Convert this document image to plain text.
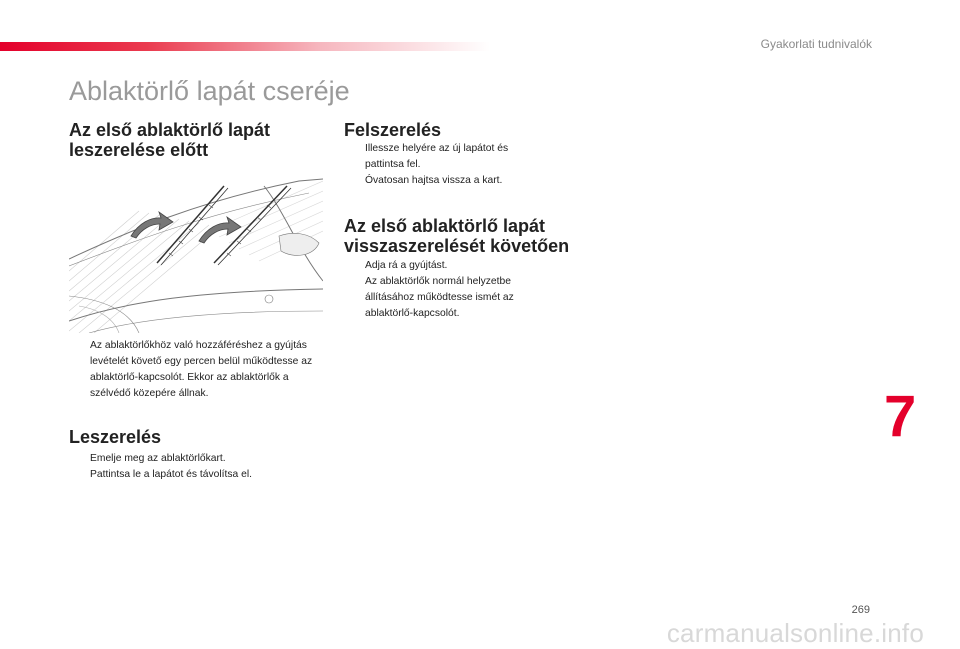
Gyakorlati tudnivalók
Ablaktörlő lapát cseréje
Az első ablaktörlő lapát
leszerelése előtt
Az ablaktörlőkhöz való hozzáféréshez a gyújtás levételét követő egy percen belül működtesse az ablaktörlő-kapcsolót. Ekkor az ablaktörlők a szélvédő közepére állnak.
Leszerelés
Emelje meg az ablaktörlőkart.
Pattintsa le a lapátot és távolítsa el.
Felszerelés
Illessze helyére az új lapátot és pattintsa fel.
Óvatosan hajtsa vissza a kart.
Az első ablaktörlő lapát
visszaszerelését követően
Adja rá a gyújtást.
Az ablaktörlők normál helyzetbe állításához működtesse ismét az ablaktörlő-kapcsolót.
7
269
carmanualsonline.info
